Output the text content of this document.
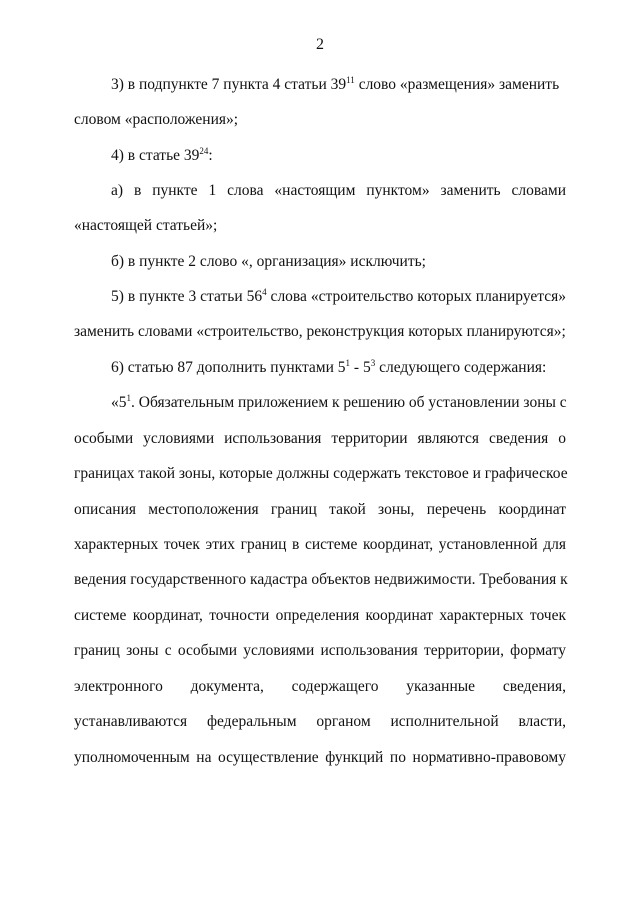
2
3) в подпункте 7 пункта 4 статьи $39^{11}$ слово «размещения» заменить
словом «расположения»;
4) в статье $39^{24}$:
а) в пункте 1 слова «настоящим пунктом» заменить словами
«настоящей статьей»;
б) в пункте 2 слово «, организация» исключить;
5) в пункте 3 статьи $56^4$ слова «строительство которых планируется»
заменить словами «строительство, реконструкция которых планируются»;
6) статью 87 дополнить пунктами $5^1 - 5^3$ следующего содержания:
«$5^1$. Обязательным приложением к решению об установлении зоны с
особыми условиями использования территории являются сведения о
границах такой зоны, которые должны содержать текстовое и графическое
описания местоположения границ такой зоны, перечень координат
характерных точек этих границ в системе координат, установленной для
ведения государственного кадастра объектов недвижимости. Требования к
системе координат, точности определения координат характерных точек
границ зоны с особыми условиями использования территории, формату
электронного документа, содержащего указанные сведения,
устанавливаются федеральным органом исполнительной власти,
уполномоченным на осуществление функций по нормативно-правовому
